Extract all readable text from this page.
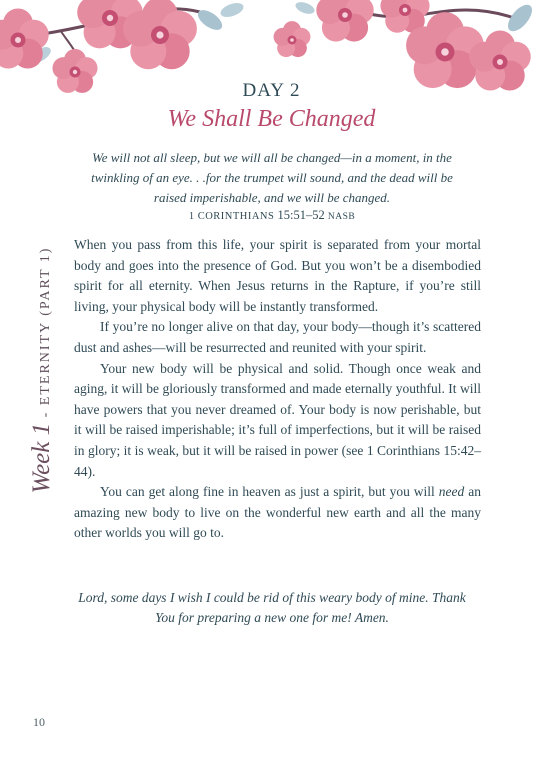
Week 1 - ETERNITY (PART 1)
DAY 2
We Shall Be Changed
We will not all sleep, but we will all be changed—in a moment, in the twinkling of an eye. . .for the trumpet will sound, and the dead will be raised imperishable, and we will be changed.
1 CORINTHIANS 15:51–52 NASB

When you pass from this life, your spirit is separated from your mortal body and goes into the presence of God. But you won’t be a disembodied spirit for all eternity. When Jesus returns in the Rapture, if you’re still living, your physical body will be instantly transformed.

If you’re no longer alive on that day, your body—though it’s scattered dust and ashes—will be resurrected and reunited with your spirit.

Your new body will be physical and solid. Though once weak and aging, it will be gloriously transformed and made eternally youthful. It will have powers that you never dreamed of. Your body is now perishable, but it will be raised imperishable; it’s full of imperfections, but it will be raised in glory; it is weak, but it will be raised in power (see 1 Corinthians 15:42–44).

You can get along fine in heaven as just a spirit, but you will need an amazing new body to live on the wonderful new earth and all the many other worlds you will go to.

Lord, some days I wish I could be rid of this weary body of mine. Thank You for preparing a new one for me! Amen.
10
